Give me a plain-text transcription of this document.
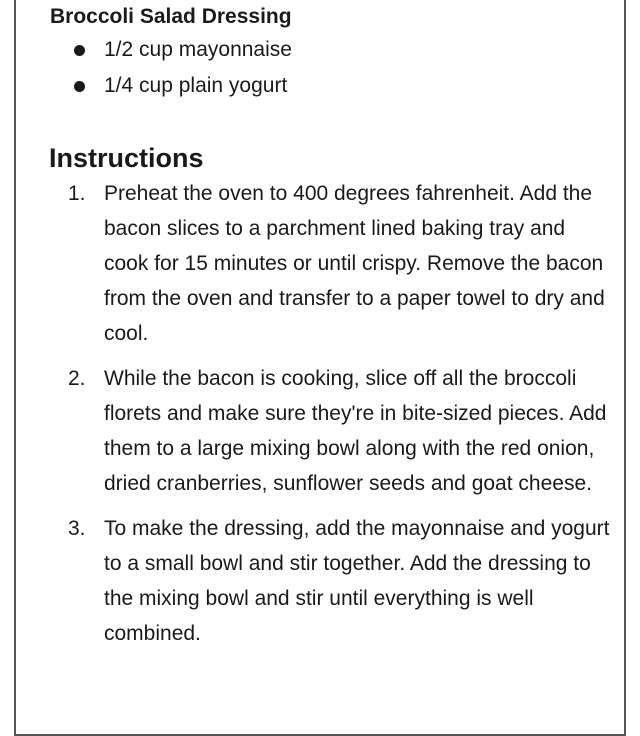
Broccoli Salad Dressing
1/2 cup mayonnaise
1/4 cup plain yogurt
Instructions
1. Preheat the oven to 400 degrees fahrenheit. Add the bacon slices to a parchment lined baking tray and cook for 15 minutes or until crispy. Remove the bacon from the oven and transfer to a paper towel to dry and cool.
2. While the bacon is cooking, slice off all the broccoli florets and make sure they're in bite-sized pieces. Add them to a large mixing bowl along with the red onion, dried cranberries, sunflower seeds and goat cheese.
3. To make the dressing, add the mayonnaise and yogurt to a small bowl and stir together. Add the dressing to the mixing bowl and stir until everything is well combined.
